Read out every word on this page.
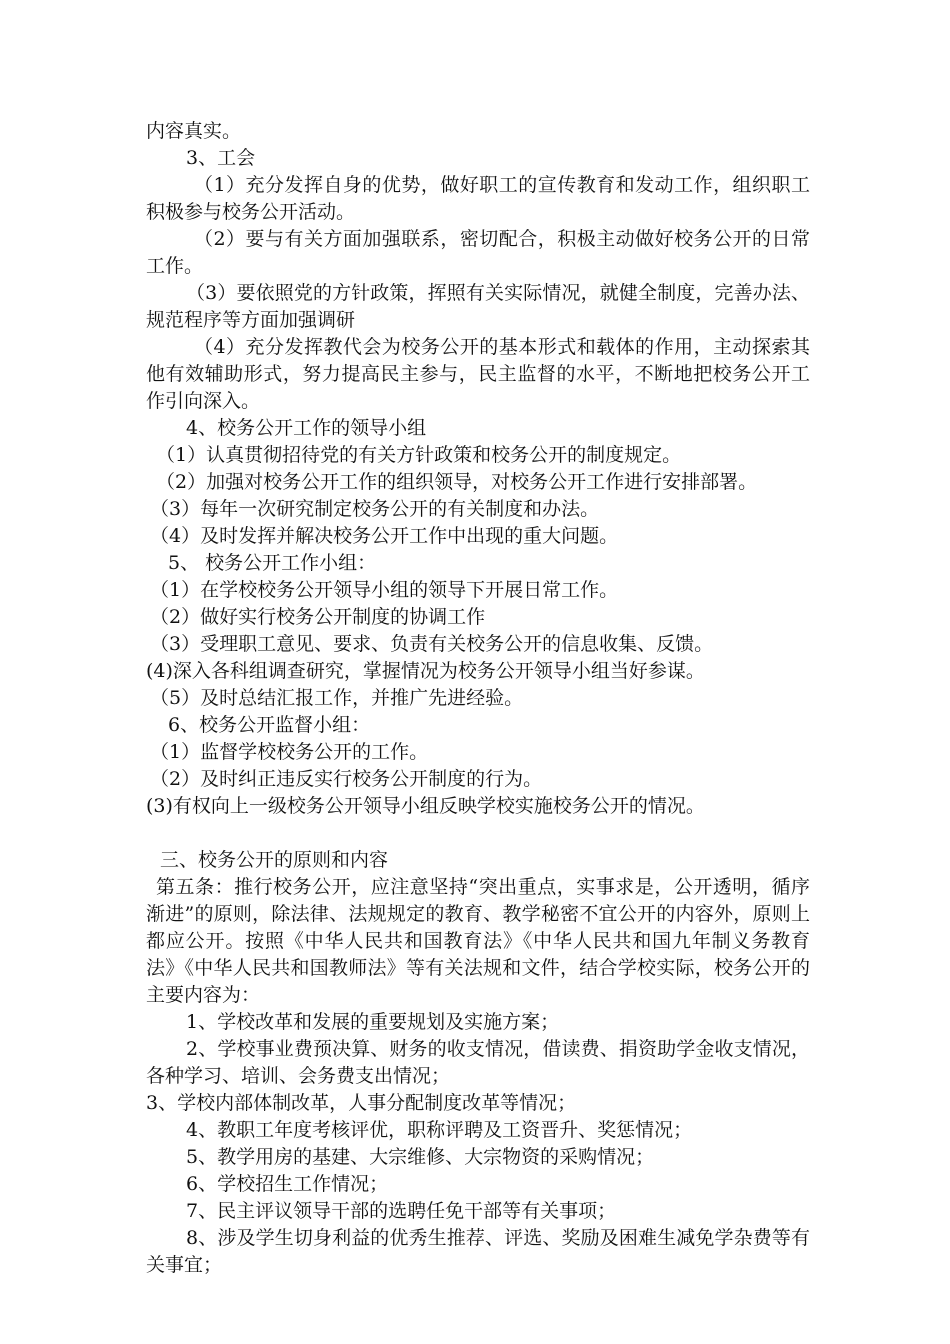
内容真实。

3、工会

（1）充分发挥自身的优势，做好职工的宣传教育和发动工作，组织职工积极参与校务公开活动。

（2）要与有关方面加强联系，密切配合，积极主动做好校务公开的日常工作。

（3）要依照党的方针政策，挥照有关实际情况，就健全制度，完善办法、规范程序等方面加强调研

（4）充分发挥教代会为校务公开的基本形式和载体的作用，主动探索其他有效辅助形式，努力提高民主参与，民主监督的水平，不断地把校务公开工作引向深入。

4、校务公开工作的领导小组

（1）认真贯彻招待党的有关方针政策和校务公开的制度规定。

（2）加强对校务公开工作的组织领导，对校务公开工作进行安排部署。

（3）每年一次研究制定校务公开的有关制度和办法。

（4）及时发挥并解决校务公开工作中出现的重大问题。

5、 校务公开工作小组：

（1）在学校校务公开领导小组的领导下开展日常工作。

（2）做好实行校务公开制度的协调工作

（3）受理职工意见、要求、负责有关校务公开的信息收集、反馈。

(4)深入各科组调查研究，掌握情况为校务公开领导小组当好参谋。

（5）及时总结汇报工作，并推广先进经验。

6、校务公开监督小组：

（1）监督学校校务公开的工作。

（2）及时纠正违反实行校务公开制度的行为。

(3)有权向上一级校务公开领导小组反映学校实施校务公开的情况。

三、校务公开的原则和内容

第五条：推行校务公开，应注意坚持“突出重点，实事求是，公开透明，循序渐进”的原则，除法律、法规规定的教育、教学秘密不宜公开的内容外，原则上都应公开。按照《中华人民共和国教育法》《中华人民共和国九年制义务教育法》《中华人民共和国教师法》等有关法规和文件，结合学校实际，校务公开的主要内容为：

1、学校改革和发展的重要规划及实施方案；

2、学校事业费预决算、财务的收支情况，借读费、捐资助学金收支情况，各种学习、培训、会务费支出情况；

3、学校内部体制改革，人事分配制度改革等情况；

4、教职工年度考核评优，职称评聘及工资晋升、奖惩情况；

5、教学用房的基建、大宗维修、大宗物资的采购情况；

6、学校招生工作情况；

7、民主评议领导干部的选聘任免干部等有关事项；

8、涉及学生切身利益的优秀生推荐、评选、奖励及困难生减免学杂费等有关事宜；
